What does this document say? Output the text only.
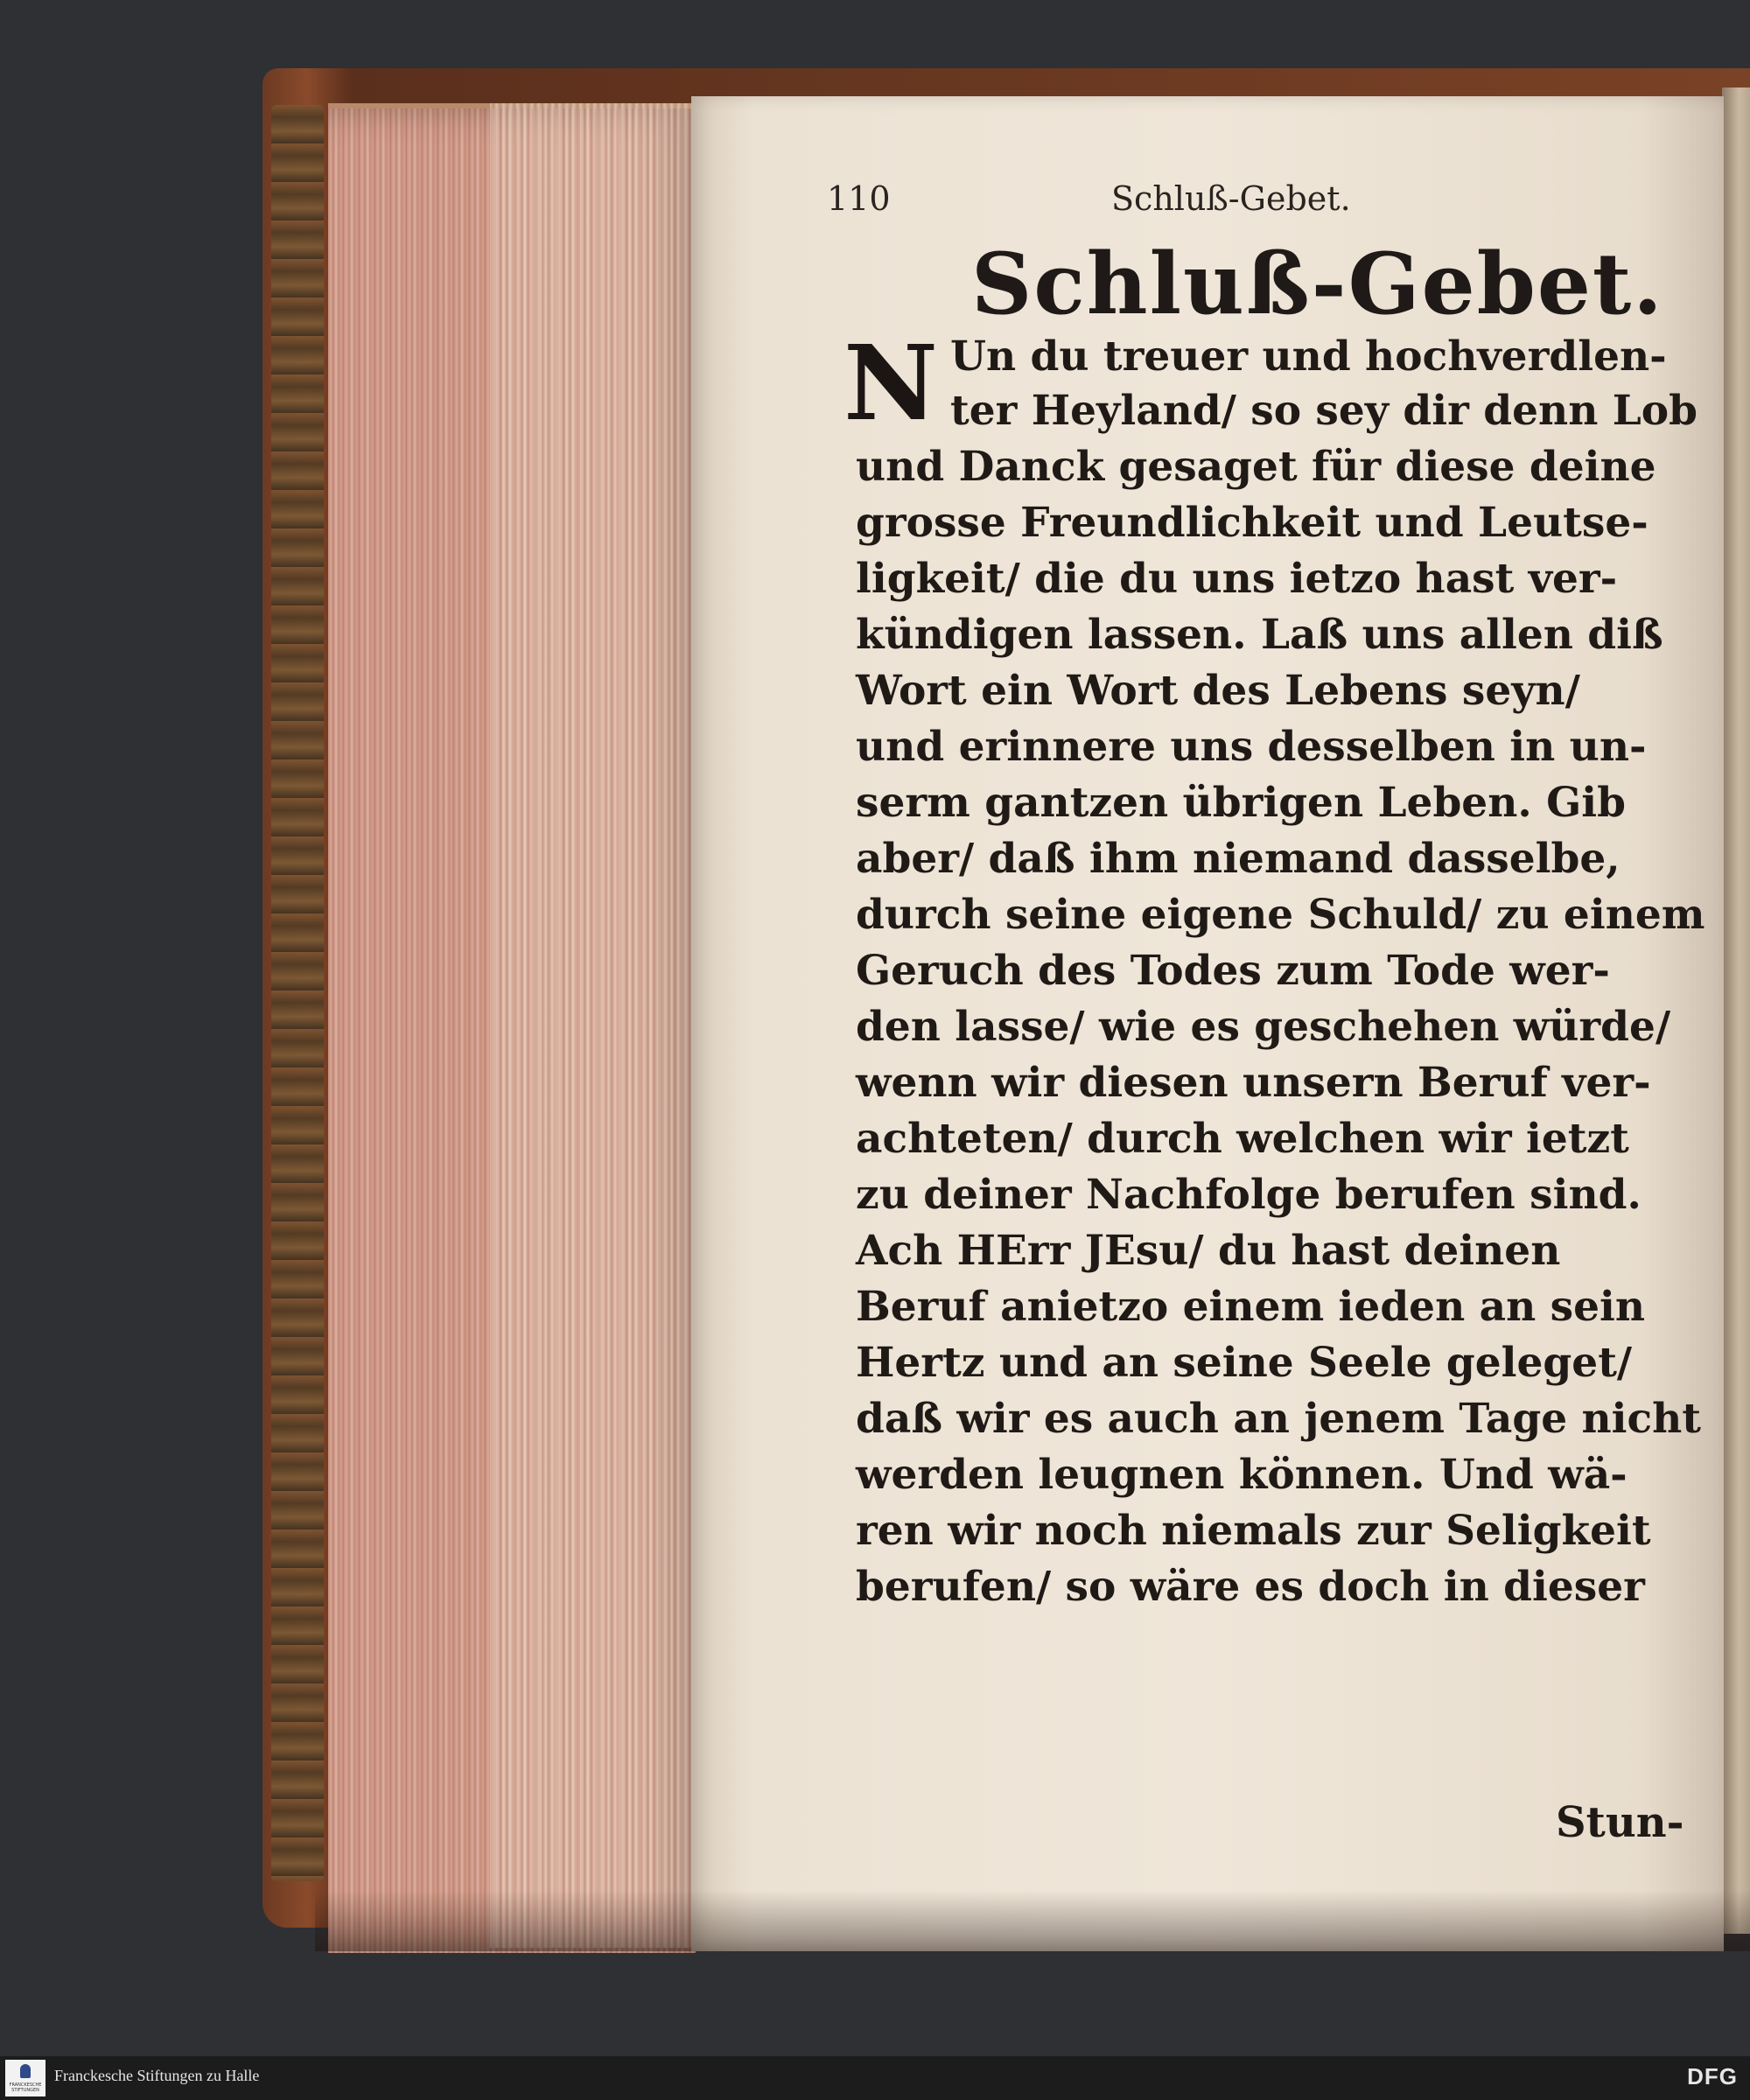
110	Schluß-Gebet.
Schluß-Gebet.
N Un du treuer und hochverdlen-
ter Heyland/ so sey dir denn Lob
und Danck gesaget für diese deine
grosse Freundlichkeit und Leutse-
ligkeit/ die du uns ietzo hast ver-
kündigen lassen. Laß uns allen diß
Wort ein Wort des Lebens seyn/
und erinnere uns desselben in un-
serm gantzen übrigen Leben. Gib
aber/ daß ihm niemand dasselbe,
durch seine eigene Schuld/ zu einem
Geruch des Todes zum Tode wer-
den lasse/ wie es geschehen würde/
wenn wir diesen unsern Beruf ver-
achteten/ durch welchen wir ietzt
zu deiner Nachfolge berufen sind.
Ach HErr JEsu/ du hast deinen
Beruf anietzo einem ieden an sein
Hertz und an seine Seele geleget/
daß wir es auch an jenem Tage nicht
werden leugnen können. Und wä-
ren wir noch niemals zur Seligkeit
berufen/ so wäre es doch in dieser
Stun-
FRANCKESCHE STIFTUNGEN
Franckesche Stiftungen zu Halle	DFG
